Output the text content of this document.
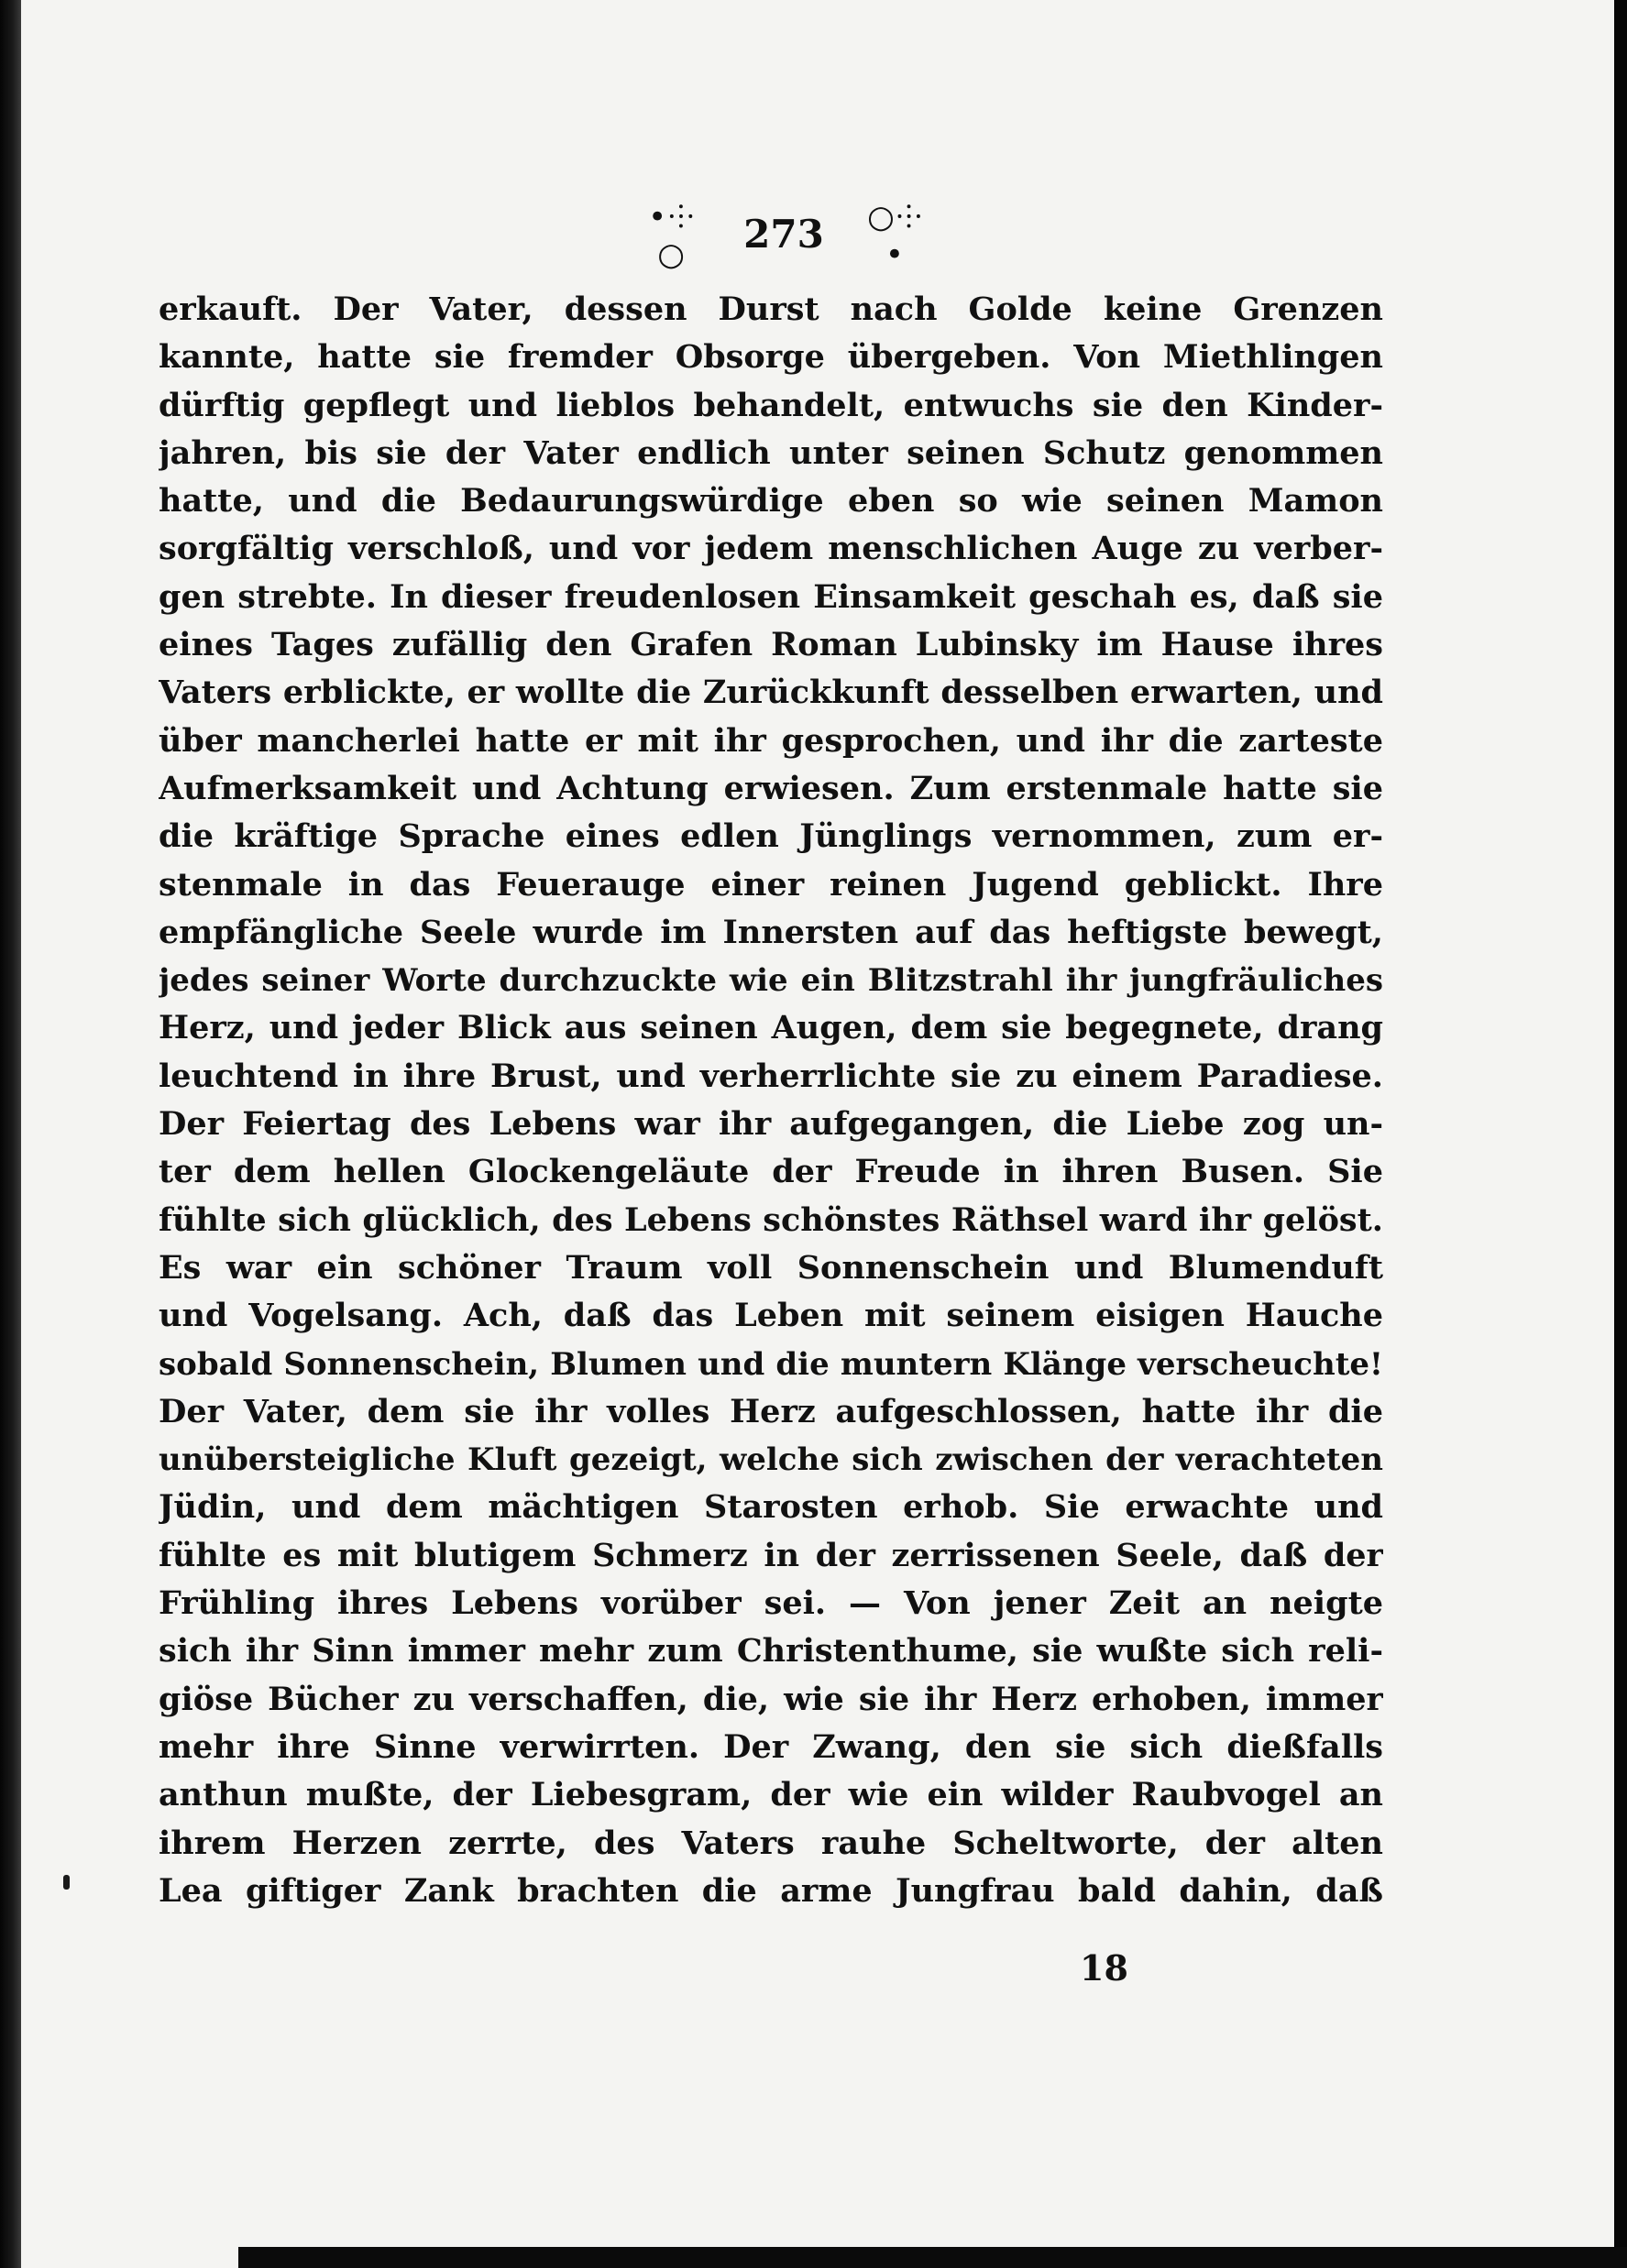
•⸭○	273 ○⸭•
erkauft. Der Vater, dessen Durst nach Golde keine Grenzen
kannte, hatte sie fremder Obsorge übergeben. Von Miethlingen
dürftig gepflegt und lieblos behandelt, entwuchs sie den Kinder-
jahren, bis sie der Vater endlich unter seinen Schutz genommen
hatte, und die Bedaurungswürdige eben so wie seinen Mamon
sorgfältig verschloß, und vor jedem menschlichen Auge zu verber-
gen strebte. In dieser freudenlosen Einsamkeit geschah es, daß sie
eines Tages zufällig den Grafen Roman Lubinsky im Hause ihres
Vaters erblickte, er wollte die Zurückkunft desselben erwarten, und
über mancherlei hatte er mit ihr gesprochen, und ihr die zarteste
Aufmerksamkeit und Achtung erwiesen. Zum erstenmale hatte sie
die kräftige Sprache eines edlen Jünglings vernommen, zum er-
stenmale in das Feuerauge einer reinen Jugend geblickt. Ihre
empfängliche Seele wurde im Innersten auf das heftigste bewegt,
jedes seiner Worte durchzuckte wie ein Blitzstrahl ihr jungfräuliches
Herz, und jeder Blick aus seinen Augen, dem sie begegnete, drang
leuchtend in ihre Brust, und verherrlichte sie zu einem Paradiese.
Der Feiertag des Lebens war ihr aufgegangen, die Liebe zog un-
ter dem hellen Glockengeläute der Freude in ihren Busen. Sie
fühlte sich glücklich, des Lebens schönstes Räthsel ward ihr gelöst.
Es war ein schöner Traum voll Sonnenschein und Blumenduft
und Vogelsang. Ach, daß das Leben mit seinem eisigen Hauche
sobald Sonnenschein, Blumen und die muntern Klänge verscheuchte!
Der Vater, dem sie ihr volles Herz aufgeschlossen, hatte ihr die
unübersteigliche Kluft gezeigt, welche sich zwischen der verachteten
Jüdin, und dem mächtigen Starosten erhob. Sie erwachte und
fühlte es mit blutigem Schmerz in der zerrissenen Seele, daß der
Frühling ihres Lebens vorüber sei. — Von jener Zeit an neigte
sich ihr Sinn immer mehr zum Christenthume, sie wußte sich reli-
giöse Bücher zu verschaffen, die, wie sie ihr Herz erhoben, immer
mehr ihre Sinne verwirrten. Der Zwang, den sie sich dießfalls
anthun mußte, der Liebesgram, der wie ein wilder Raubvogel an
ihrem Herzen zerrte, des Vaters rauhe Scheltworte, der alten
Lea giftiger Zank brachten die arme Jungfrau bald dahin, daß
18
